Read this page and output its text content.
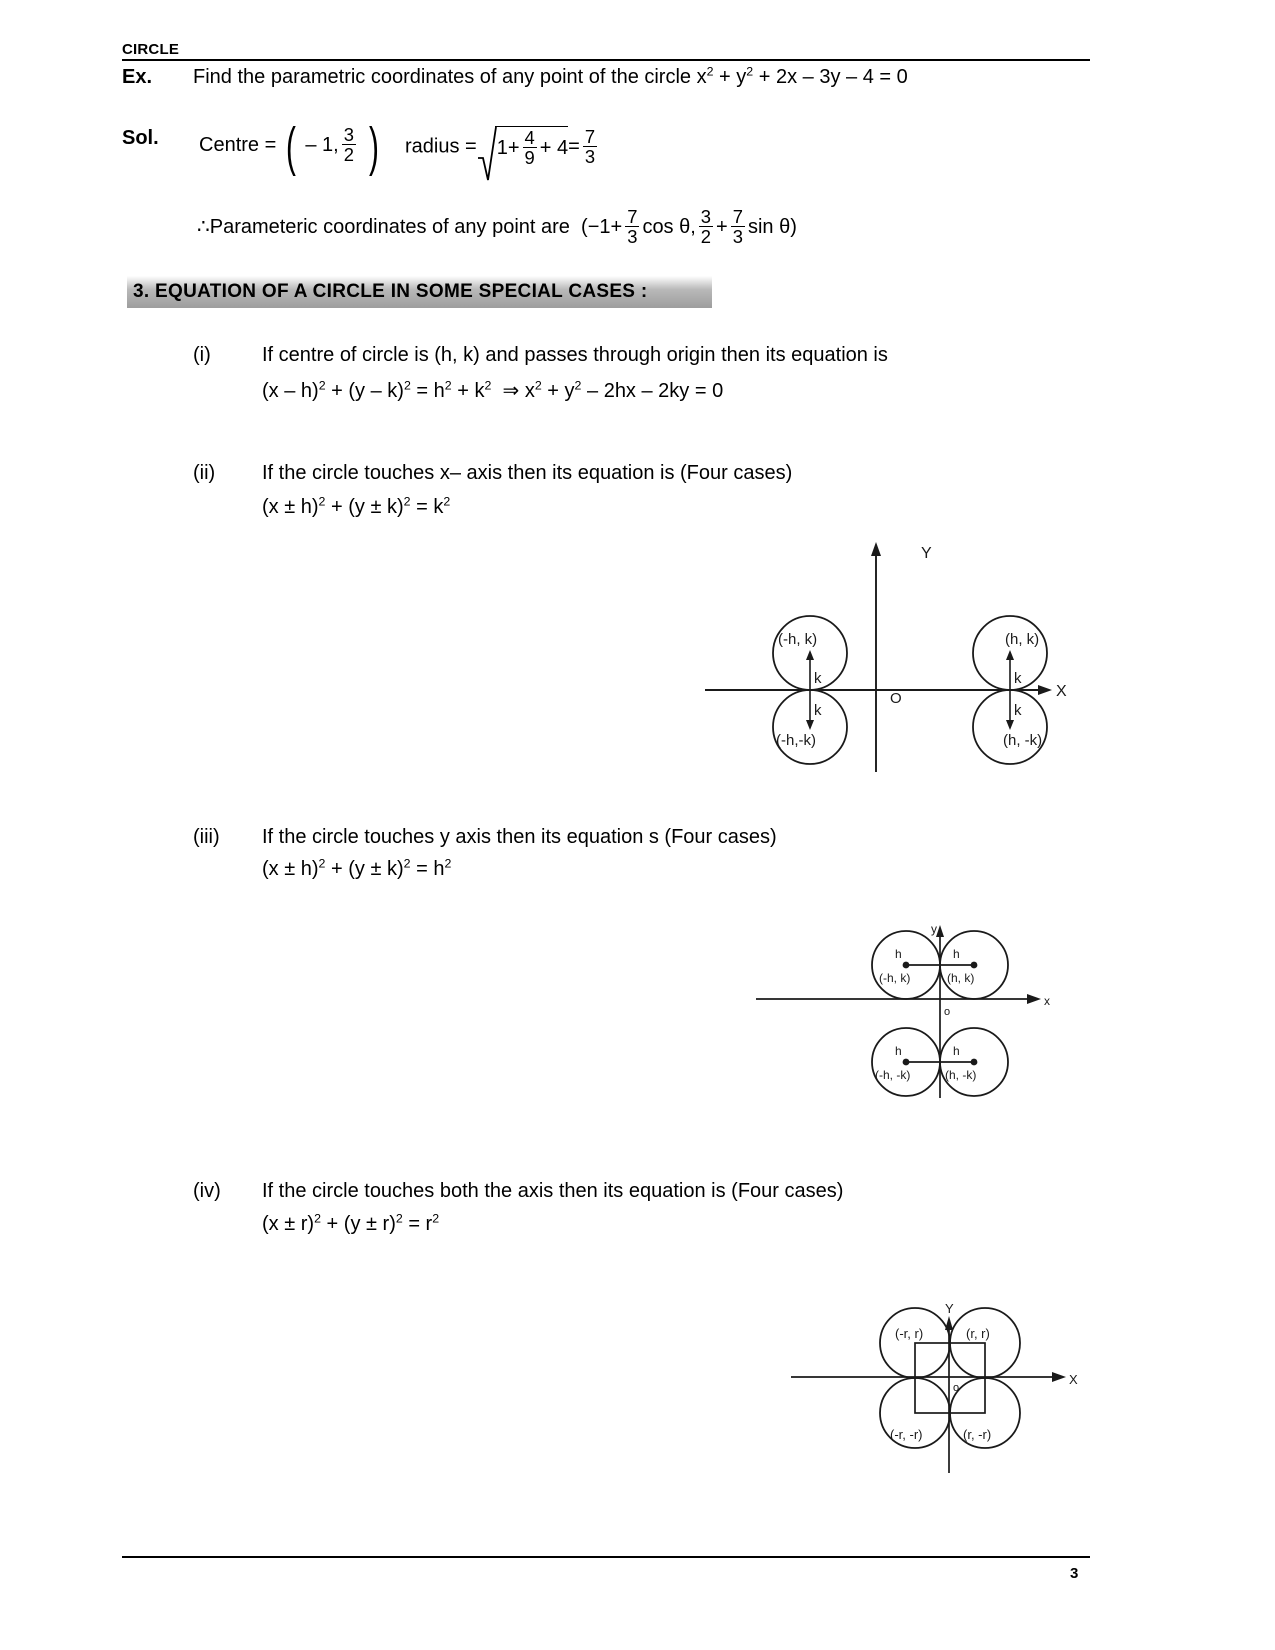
CIRCLE
Ex. Find the parametric coordinates of any point of the circle $x^2 + y^2 + 2x - 3y - 4 = 0$
Sol. Centre = ( – 1, $\frac{3}{2}$ ) radius = $1+ \frac{4}{9} + 4= \frac{7}{3}$
∴Parameteric coordinates of any point are ($-1+ \frac{7}{3}$ cos θ, $\frac{3}{2} + \frac{7}{3}$ sin θ)
3. EQUATION OF A CIRCLE IN SOME SPECIAL CASES :
(i)	If centre of circle is (h, k) and passes through origin then its equation is
$(x - h)^2 + (y - k)^2 = h^2 + k^2$ ⇒ $x^2 + y^2 - 2hx - 2ky = 0$
(ii) If the circle touches x– axis then its equation is (Four cases)
$(x \pm h)^2 + (y \pm k)^2 = k^2$
Y
X
O
(-h, k)	(h, k)
(-h,-k)	(h, -k)
k
k
k
k
(iii) If the circle touches y axis then its equation s (Four cases)
$(x \pm h)^2 + (y \pm k)^2 = h^2$
y
x
o
h	h
h	h
(-h, k)	(h, k)
(-h, -k)	(h, -k)
(iv) If the circle touches both the axis then its equation is (Four cases)
$(x \pm r)^2 + (y \pm r)^2 = r^2$
Y
X
o
(-r, r)	(r, r)
(-r, -r)	(r, -r)
3
